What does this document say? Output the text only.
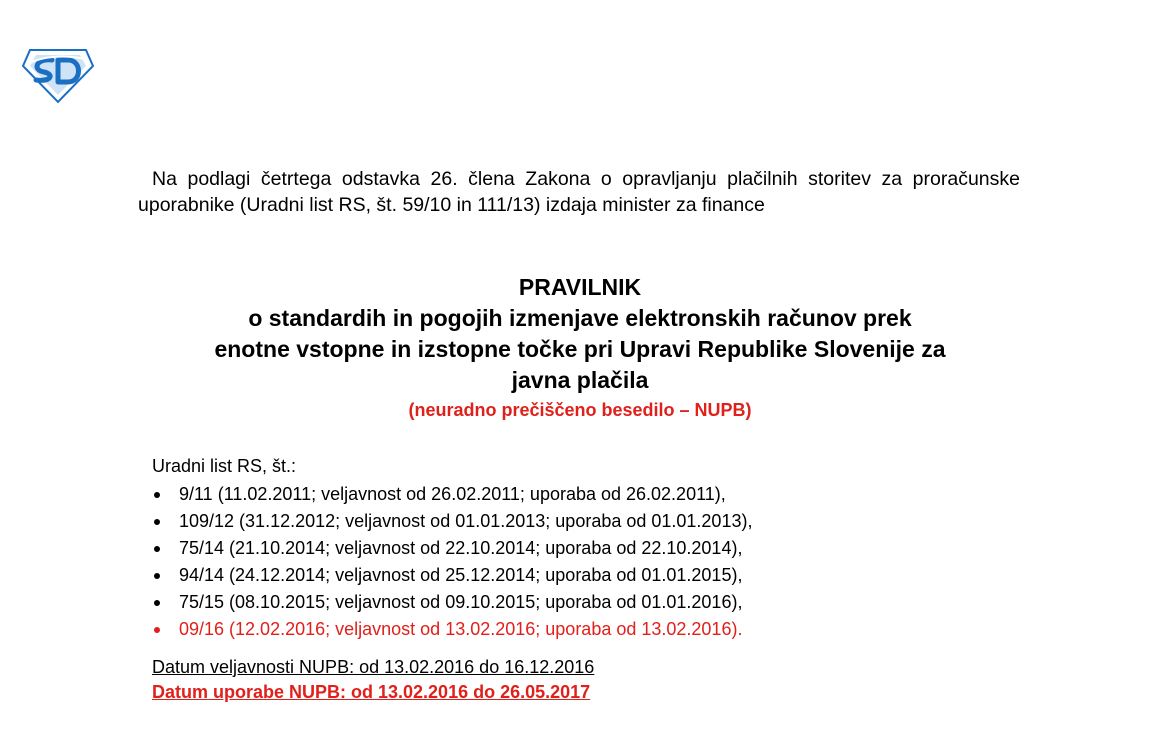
Na podlagi četrtega odstavka 26. člena Zakona o opravljanju plačilnih storitev za proračunske uporabnike (Uradni list RS, št. 59/10 in 111/13) izdaja minister za finance

PRAVILNIK
o standardih in pogojih izmenjave elektronskih računov prek
enotne vstopne in izstopne točke pri Upravi Republike Slovenije za
javna plačila
(neuradno prečiščeno besedilo – NUPB)
Uradni list RS, št.:
9/11 (11.02.2011; veljavnost od 26.02.2011; uporaba od 26.02.2011),
109/12 (31.12.2012; veljavnost od 01.01.2013; uporaba od 01.01.2013),
75/14 (21.10.2014; veljavnost od 22.10.2014; uporaba od 22.10.2014),
94/14 (24.12.2014; veljavnost od 25.12.2014; uporaba od 01.01.2015),
75/15 (08.10.2015; veljavnost od 09.10.2015; uporaba od 01.01.2016),
09/16 (12.02.2016; veljavnost od 13.02.2016; uporaba od 13.02.2016).
Datum veljavnosti NUPB: od 13.02.2016 do 16.12.2016
Datum uporabe NUPB: od 13.02.2016 do 26.05.2017
